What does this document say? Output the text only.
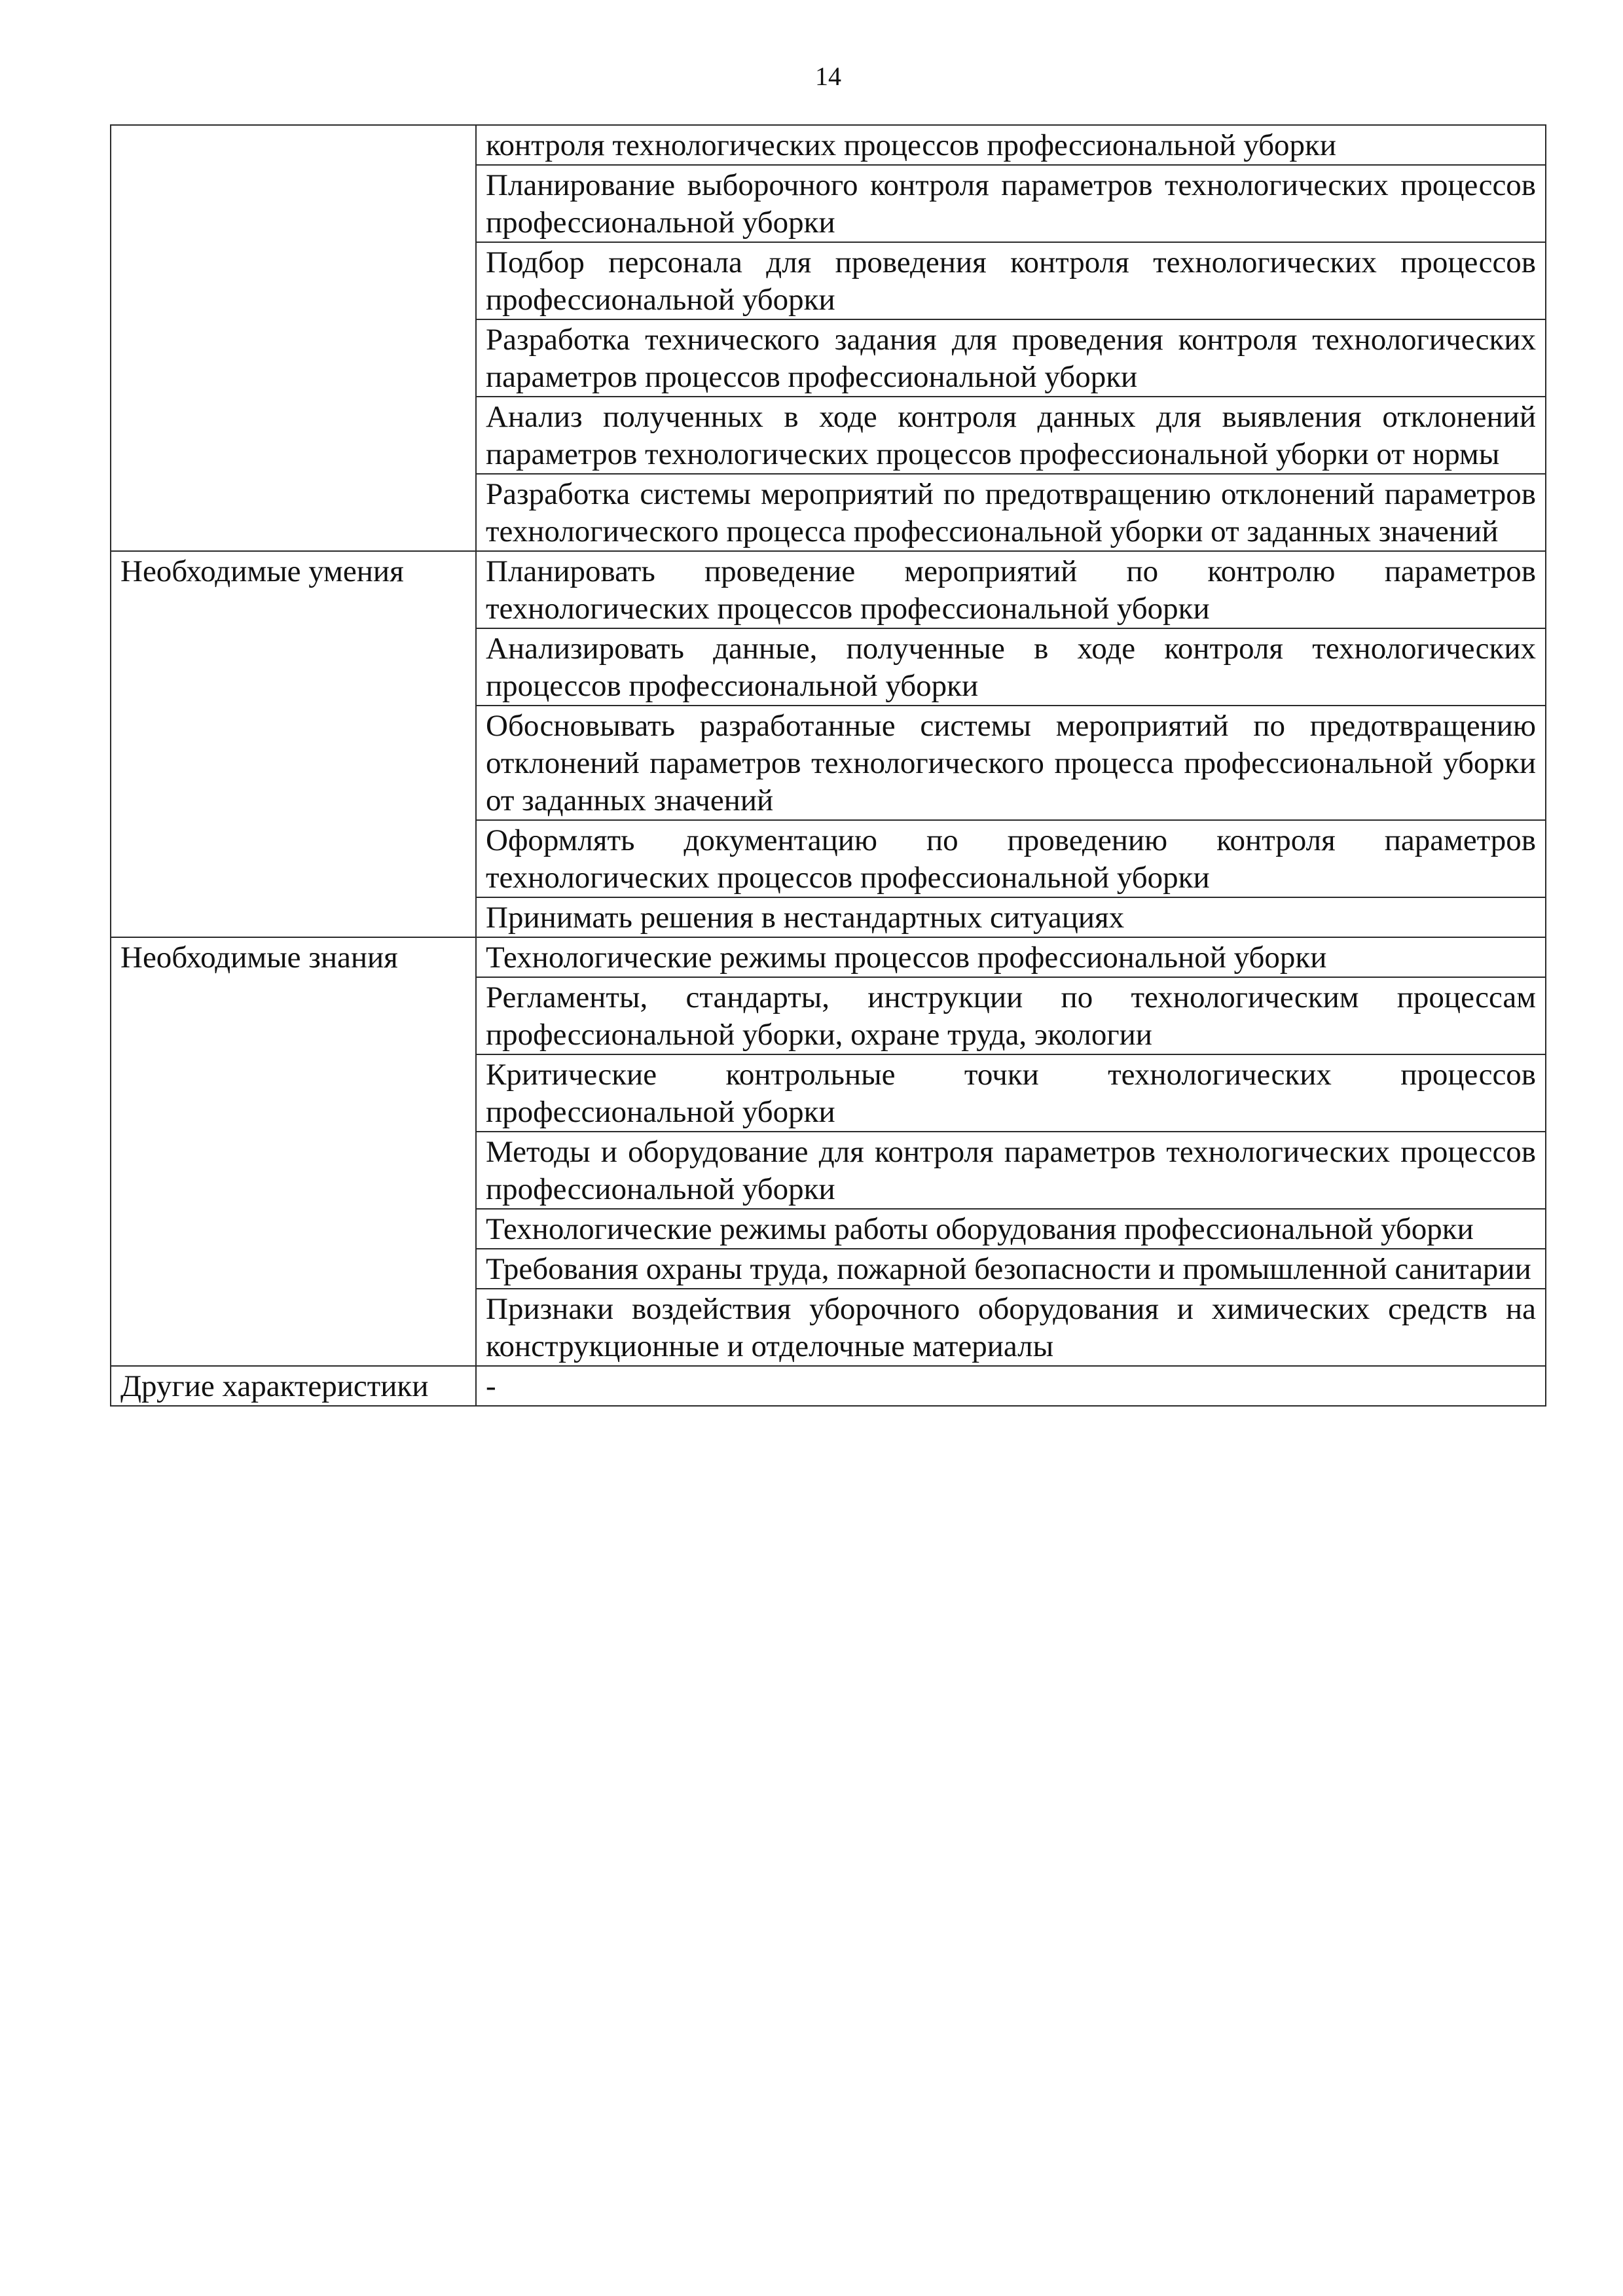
14
	контроля технологических процессов профессиональной уборки
	Планирование выборочного контроля параметров технологических процессов профессиональной уборки
	Подбор персонала для проведения контроля технологических процессов профессиональной уборки
	Разработка технического задания для проведения контроля технологических параметров процессов профессиональной уборки
	Анализ полученных в ходе контроля данных для выявления отклонений параметров технологических процессов профессиональной уборки от нормы
	Разработка системы мероприятий по предотвращению отклонений параметров технологического процесса профессиональной уборки от заданных значений
Необходимые умения	Планировать проведение мероприятий по контролю параметров технологических процессов профессиональной уборки
	Анализировать данные, полученные в ходе контроля технологических процессов профессиональной уборки
	Обосновывать разработанные системы мероприятий по предотвращению отклонений параметров технологического процесса профессиональной уборки от заданных значений
	Оформлять документацию по проведению контроля параметров технологических процессов профессиональной уборки
	Принимать решения в нестандартных ситуациях
Необходимые знания	Технологические режимы процессов профессиональной уборки
	Регламенты, стандарты, инструкции по технологическим процессам профессиональной уборки, охране труда, экологии
	Критические контрольные точки технологических процессов профессиональной уборки
	Методы и оборудование для контроля параметров технологических процессов профессиональной уборки
	Технологические режимы работы оборудования профессиональной уборки
	Требования охраны труда, пожарной безопасности и промышленной санитарии
	Признаки воздействия уборочного оборудования и химических средств на конструкционные и отделочные материалы
Другие характеристики	-
